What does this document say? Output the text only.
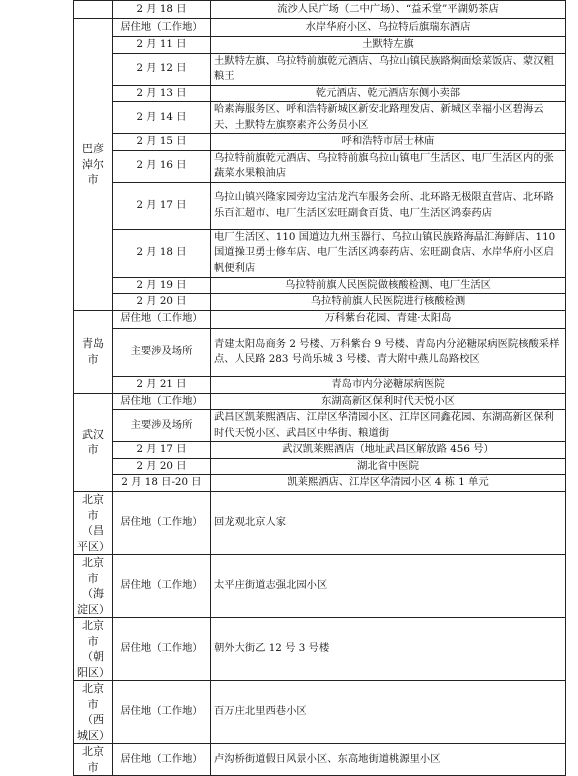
	2 月 18 日	流沙人民广场（二中广场）、“益禾堂”平湖奶茶店
巴彦淖尔市	居住地（工作地）	水岸华府小区、乌拉特后旗瑞东酒店
	2 月 11 日	土默特左旗
	2 月 12 日	土默特左旗、乌拉特前旗乾元酒店、乌拉山镇民族路焖面烩菜饭店、蒙汉粗粮王
	2 月 13 日	乾元酒店、乾元酒店东侧小卖部
	2 月 14 日	哈素海服务区、呼和浩特新城区新安北路理发店、新城区幸福小区碧海云天、土默特左旗察素齐公务员小区
	2 月 15 日	呼和浩特市居士林庙
	2 月 16 日	乌拉特前旗乾元酒店、乌拉特前旗乌拉山镇电厂生活区、电厂生活区内的张蔬菜水果粮油店
	2 月 17 日	乌拉山镇兴隆家园旁边宝沽龙汽车服务会所、北环路无极限直营店、北环路乐百汇超市、电厂生活区宏旺副食百货、电厂生活区鸿泰药店
	2 月 18 日	电厂生活区、110 国道边九州玉器行、乌拉山镇民族路海晶汇海鲜店、110 国道操卫勇士修车店、电厂生活区鸿泰药店、宏旺副食店、水岸华府小区启帆便利店
	2 月 19 日	乌拉特前旗人民医院做核酸检测、电厂生活区
	2 月 20 日	乌拉特前旗人民医院进行核酸检测
青岛市	居住地（工作地）	万科紫台花园、青建·太阳岛
	主要涉及场所	青建太阳岛商务 2 号楼、万科紫台 9 号楼、青岛内分泌糖尿病医院核酸采样点、人民路 283 号尚乐城 3 号楼、青大附中燕儿岛路校区
	2 月 21 日	青岛市内分泌糖尿病医院
武汉市	居住地（工作地）	东湖高新区保利时代天悦小区
	主要涉及场所	武昌区凯莱熙酒店、江岸区华清园小区、江岸区同鑫花园、东湖高新区保利时代天悦小区、武昌区中华街、粮道街
	2 月 17 日	武汉凯莱熙酒店（地址武昌区解放路 456 号）
	2 月 20 日	湖北省中医院
	2 月 18 日-20 日	凯莱熙酒店、江岸区华清园小区 4 栋 1 单元
北京市（昌平区）	居住地（工作地）	回龙观北京人家
北京市（海淀区）	居住地（工作地）	太平庄街道志强北园小区
北京市（朝阳区）	居住地（工作地）	朝外大街乙 12 号 3 号楼
北京市（西城区）	居住地（工作地）	百万庄北里西巷小区
北京市	居住地（工作地）	卢沟桥街道假日风景小区、东高地街道桃源里小区
